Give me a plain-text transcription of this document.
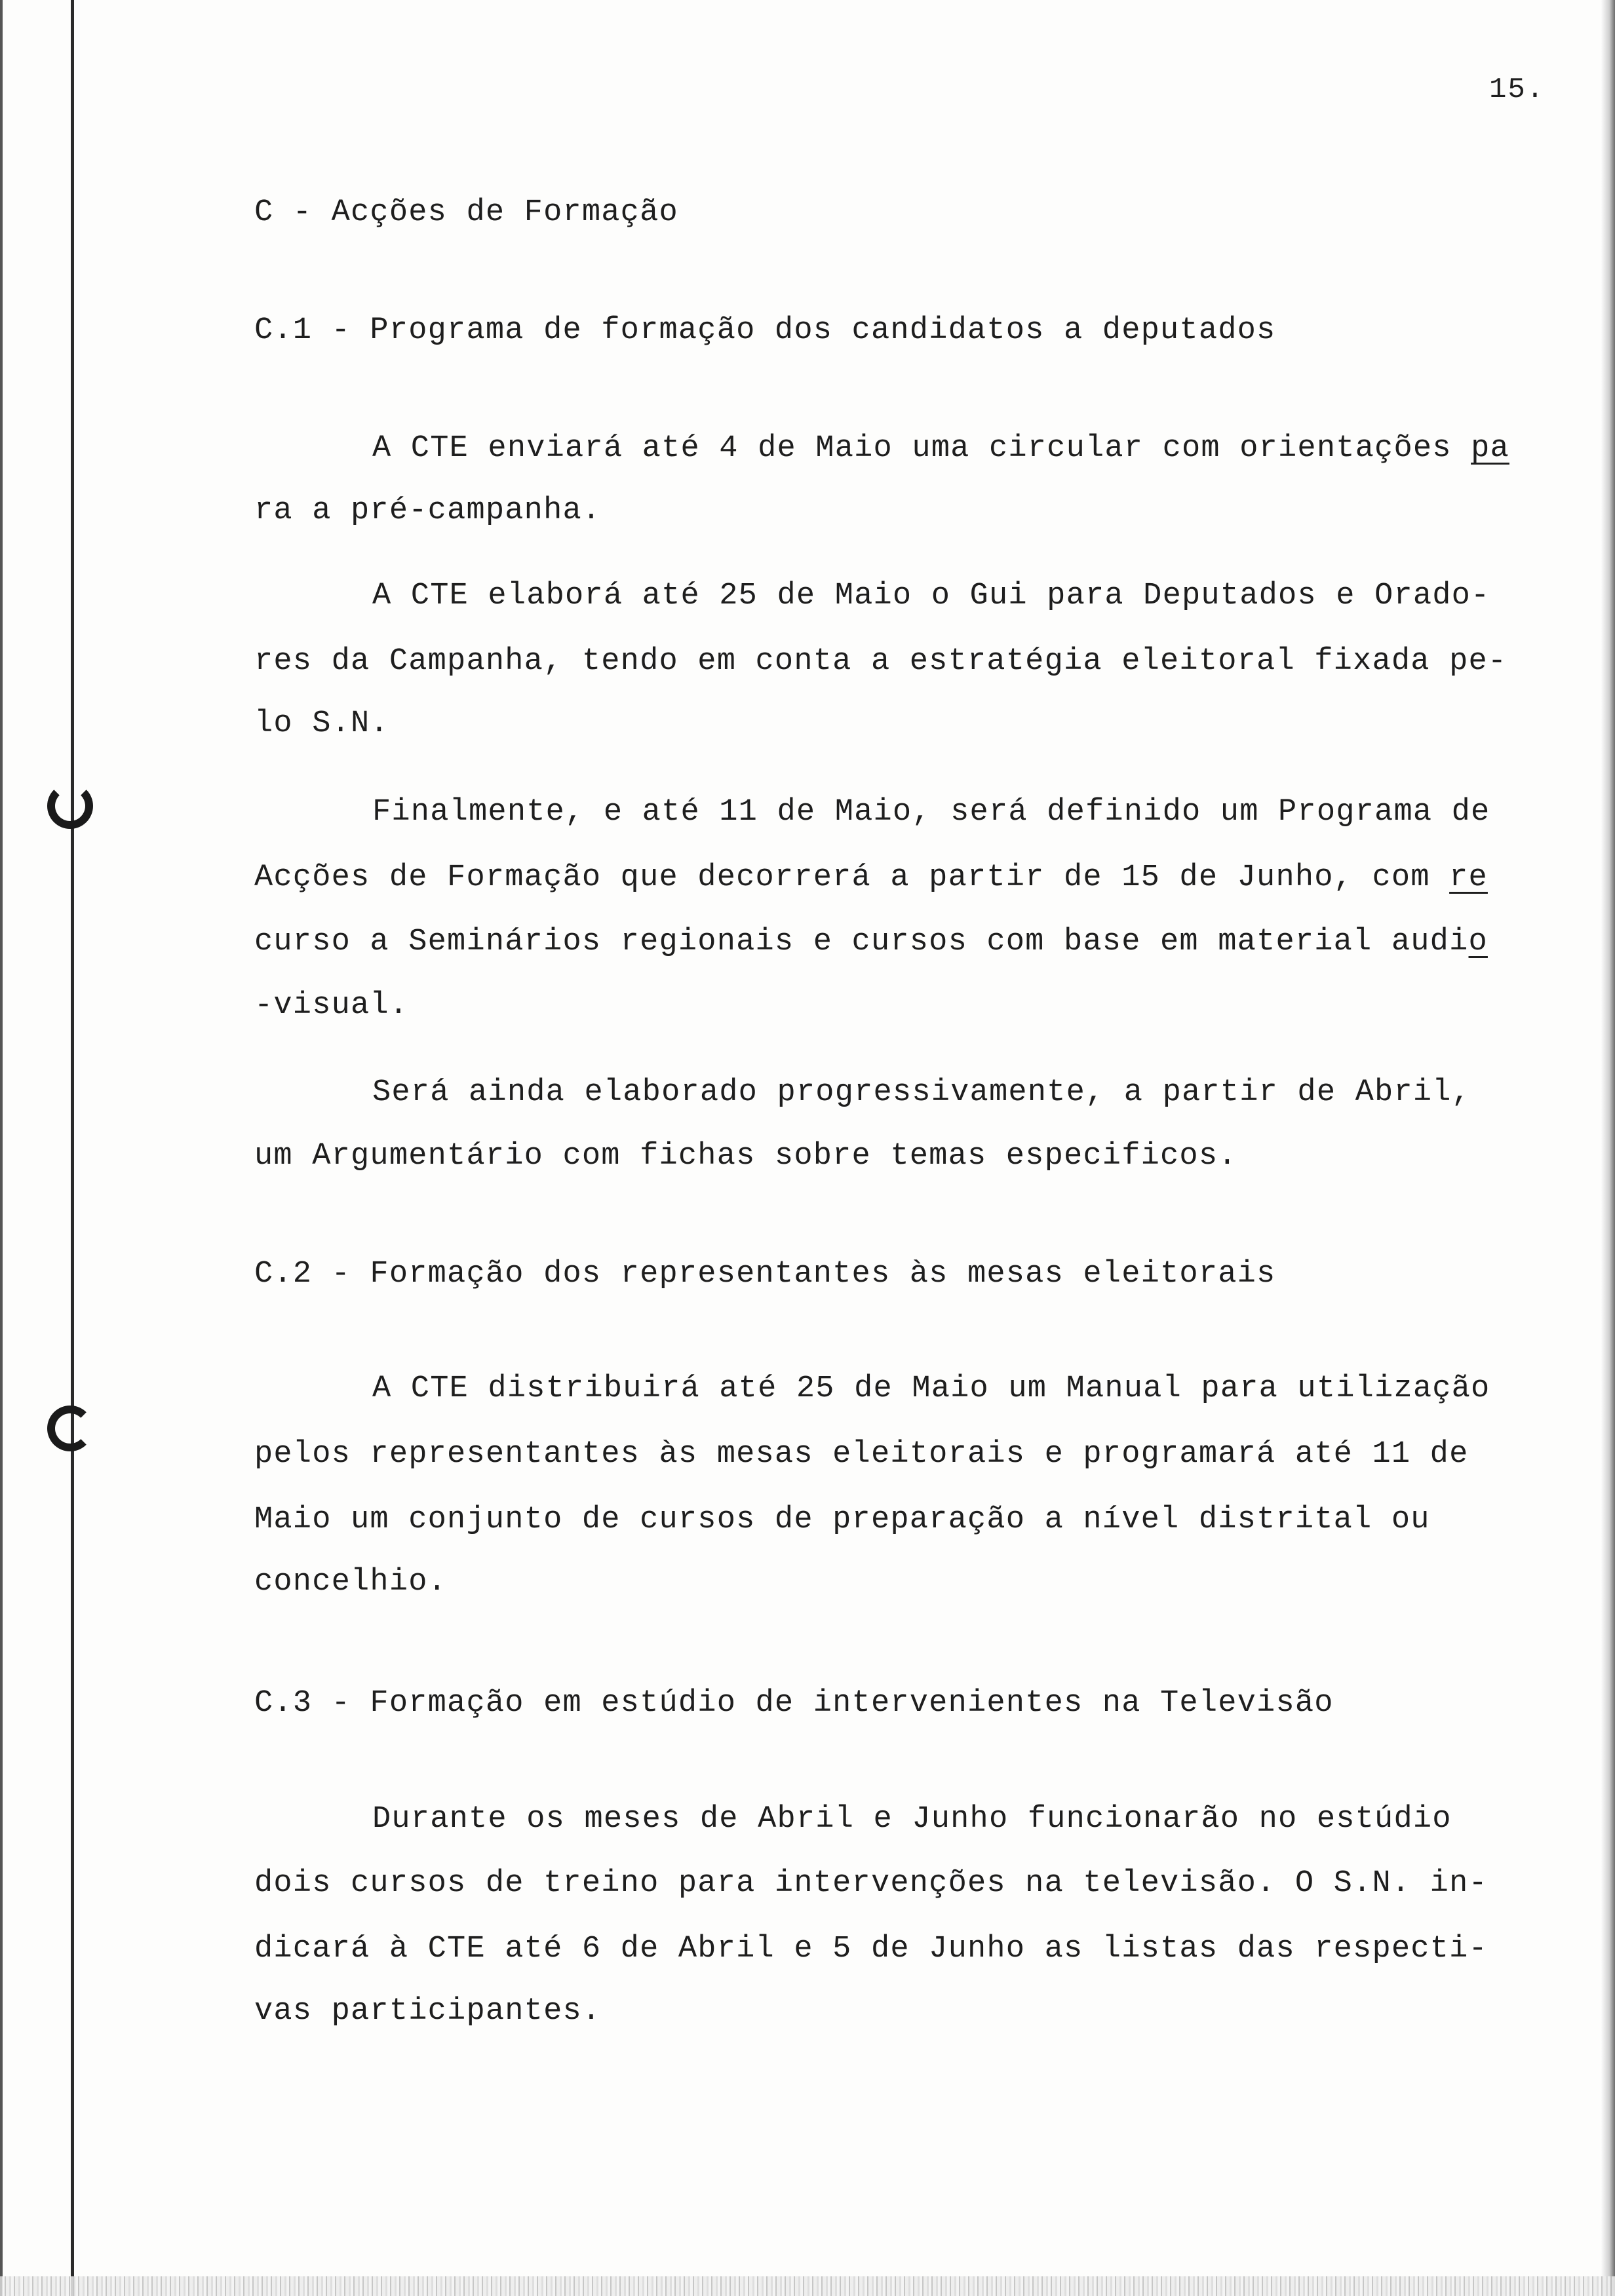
15.
C - Acções de Formação
C.1 - Programa de formação dos candidatos a deputados
A CTE enviará até 4 de Maio uma circular com orientações pa
ra a pré-campanha.
A CTE elaborá até 25 de Maio o Gui para Deputados e Orado-
res da Campanha, tendo em conta a estratégia eleitoral fixada pe-
lo S.N.
Finalmente, e até 11 de Maio, será definido um Programa de
Acções de Formação que decorrerá a partir de 15 de Junho, com re
curso a Seminários regionais e cursos com base em material audio
-visual.
Será ainda elaborado progressivamente, a partir de Abril,
um Argumentário com fichas sobre temas especificos.
C.2 - Formação dos representantes às mesas eleitorais
A CTE distribuirá até 25 de Maio um Manual para utilização
pelos representantes às mesas eleitorais e programará até 11 de
Maio um conjunto de cursos de preparação a nível distrital ou
concelhio.
C.3 - Formação em estúdio de intervenientes na Televisão
Durante os meses de Abril e Junho funcionarão no estúdio
dois cursos de treino para intervenções na televisão. O S.N. in-
dicará à CTE até 6 de Abril e 5 de Junho as listas das respecti-
vas participantes.
